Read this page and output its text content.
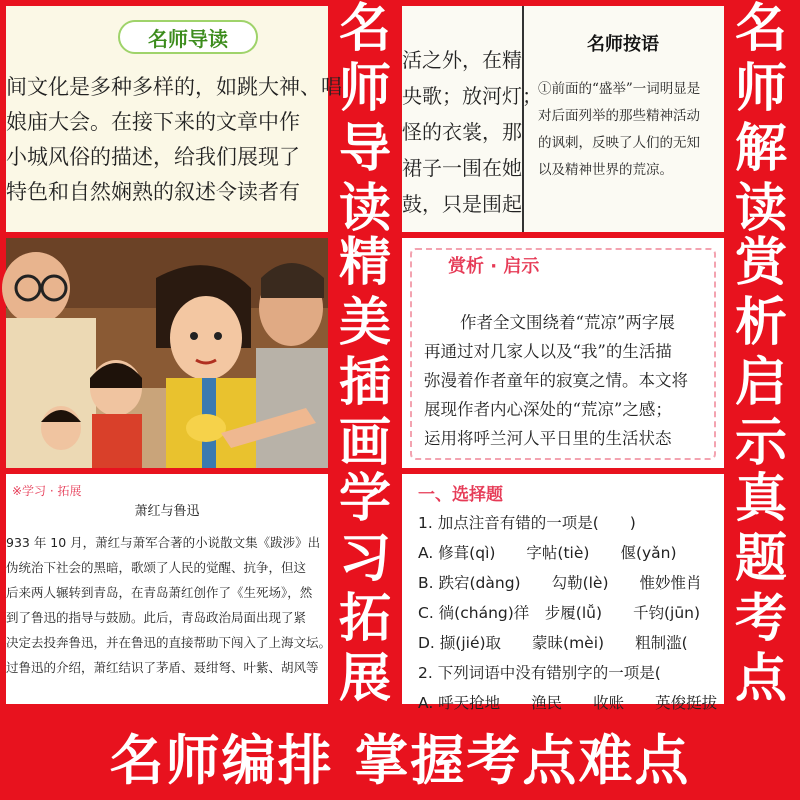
名师导读
间文化是多种多样的，如跳大神、唱
娘庙大会。在接下来的文章中作
小城风俗的描述，给我们展现了
特色和自然娴熟的叙述令读者有
名
师
导
读
活之外，在精
央歌；放河灯；
怪的衣裳，那
裙子一围在她
鼓，只是围起
名师按语

①前面的“盛举”一词明显是对后面列举的那些精神活动的讽刺，反映了人们的无知以及精神世界的荒凉。

名
师
解
读
精
美
插
画
赏析 · 启示
作者全文围绕着“荒凉”两字展
再通过对几家人以及“我”的生活描
弥漫着作者童年的寂寞之情。本文将
展现作者内心深处的“荒凉”之感；
运用将呼兰河人平日里的生活状态
赏
析
启
示
※学习 · 拓展
萧红与鲁迅
933 年 10 月，萧红与萧军合著的小说散文集《跋涉》出
伪统治下社会的黑暗，歌颂了人民的觉醒、抗争，但这
后来两人辗转到青岛，在青岛萧红创作了《生死场》，然
到了鲁迅的指导与鼓励。此后，青岛政治局面出现了紧
决定去投奔鲁迅，并在鲁迅的直接帮助下闯入了上海文坛。
过鲁迅的介绍，萧红结识了茅盾、聂绀弩、叶紫、胡风等
学
习
拓
展
一、选择题
1. 加点注音有错的一项是(　　)
A. 修葺(qì)　　字帖(tiè)　　偃(yǎn)
B. 跌宕(dàng)　　勾勒(lè)　　惟妙惟肖
C. 徜(cháng)徉　步履(lǚ)　　千钧(jūn)
D. 撷(jié)取　　蒙昧(mèi)　　粗制滥(
2. 下列词语中没有错别字的一项是(
A. 呼天抢地　　渔民　　收账　　英俊挺拔
真
题
考
点
名师编排 掌握考点难点
